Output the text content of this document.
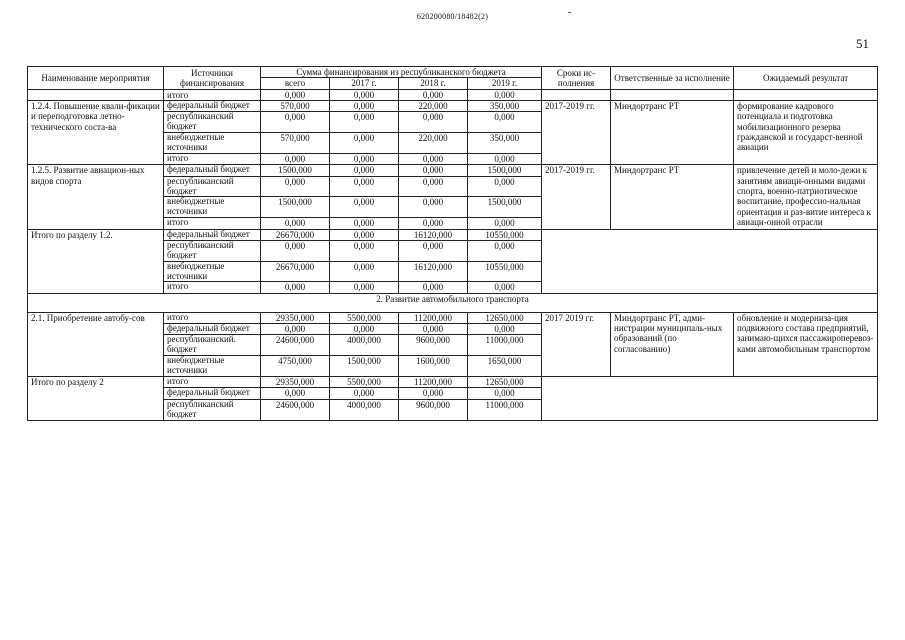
620200080/18482(2)	-
51
Наименование мероприятия	Источники финансирования	Сумма финансирования из республиканского бюджета				Сроки ис-полнения	Ответственные за исполнение	Ожидаемый результат
		всего	2017 г.	2018 г.	2019 г.			
	итого	0,000	0,000	0,000	0,000			
1.2.4. Повышение квали-фикации и переподготовка летно-технического соста-ва	федеральный бюджет	570,000	0,000	220,000	350,000	2017-2019 гг.	Миндортранс РТ	формирование кадрового потенциала и подготовка мобилизационного резерва гражданской и государст-венной авиации
	республиканский бюджет	0,000	0,000	0,000	0,000			
	внебюджетные источники	570,000	0,000	220,000	350,000			
	итого	0,000	0,000	0,000	0,000			
1.2.5. Развитие авиацион-ных видов спорта	федеральный бюджет	1500,000	0,000	0,000	1500,000	2017-2019 гг.	Миндортранс РТ	привлечение детей и моло-дежи к занятиям авиаци-онными видами спорта, военно-патриотическое воспитание, профессио-нальная ориентация и раз-витие интереса к авиаци-онной отрасли
	республиканский бюджет	0,000	0,000	0,000	0,000			
	внебюджетные источники	1500,000	0,000	0,000	1500,000			
	итого	0,000	0,000	0,000	0,000			
Итого по разделу 1.2.	федеральный бюджет	26670,000	0,000	16120,000	10550,000			
	республиканский бюджет	0,000	0,000	0,000	0,000			
	внебюджетные источники	26670,000	0,000	16120,000	10550,000			
	итого	0,000	0,000	0,000	0,000			
2. Развитие автомобильного транспорта								
2.1. Приобретение автобу-сов	итого	29350,000	5500,000	11200,000	12650,000	2017 2019 гг.	Миндортранс РТ, адми-нистрации муниципаль-ных образований (по согласованию)	обновление и модерниза-ция подвижного состава предприятий, занимаю-щихся пассажироперевоз-ками автомобильным транспортом
	федеральный бюджет	0,000	0,000	0,000	0,000			
	республиканский. бюджет	24600,000	4000,000	9600,000	11000,000			
	внебюджетные источники	4750,000	1500,000	1600,000	1650,000			
Итого по разделу 2	итого	29350,000	5500,000	11200,000	12650,000			
	федеральный бюджет	0,000	0,000	0,000	0,000			
	республиканский бюджет	24600,000	4000,000	9600,000	11000,000			
